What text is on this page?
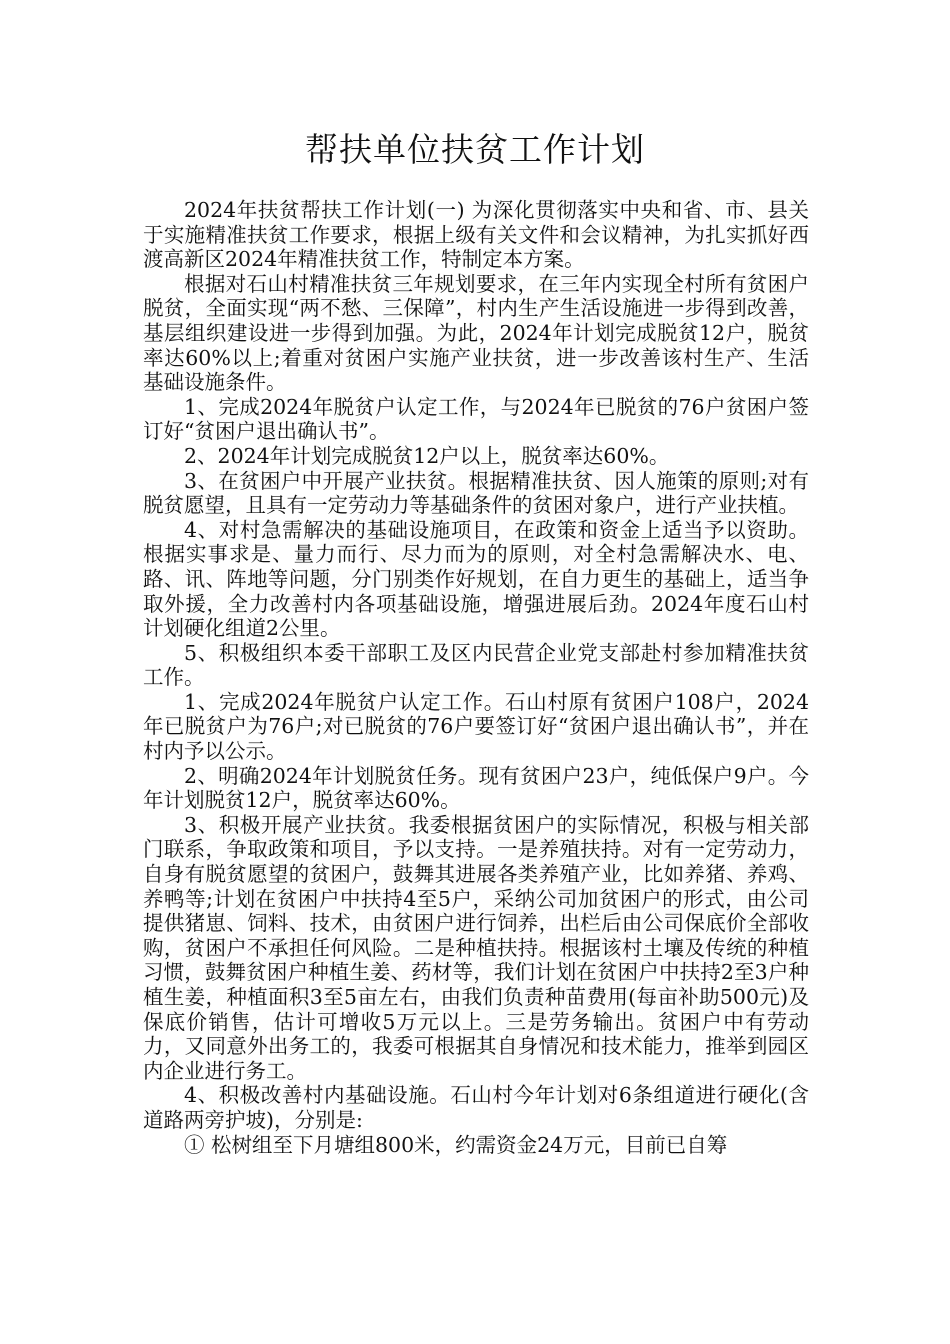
帮扶单位扶贫工作计划

2024年扶贫帮扶工作计划(一) 为深化贯彻落实中央和省、市、县关于实施精准扶贫工作要求，根据上级有关文件和会议精神，为扎实抓好西渡高新区2024年精准扶贫工作，特制定本方案。

根据对石山村精准扶贫三年规划要求，在三年内实现全村所有贫困户脱贫，全面实现“两不愁、三保障”，村内生产生活设施进一步得到改善，基层组织建设进一步得到加强。为此，2024年计划完成脱贫12户，脱贫率达60%以上;着重对贫困户实施产业扶贫，进一步改善该村生产、生活基础设施条件。

1、完成2024年脱贫户认定工作，与2024年已脱贫的76户贫困户签订好“贫困户退出确认书”。

2、2024年计划完成脱贫12户以上，脱贫率达60%。

3、在贫困户中开展产业扶贫。根据精准扶贫、因人施策的原则;对有脱贫愿望，且具有一定劳动力等基础条件的贫困对象户，进行产业扶植。

4、对村急需解决的基础设施项目，在政策和资金上适当予以资助。根据实事求是、量力而行、尽力而为的原则，对全村急需解决水、电、路、讯、阵地等问题，分门别类作好规划，在自力更生的基础上，适当争取外援，全力改善村内各项基础设施，增强进展后劲。2024年度石山村计划硬化组道2公里。

5、积极组织本委干部职工及区内民营企业党支部赴村参加精准扶贫工作。

1、完成2024年脱贫户认定工作。石山村原有贫困户108户，2024年已脱贫户为76户;对已脱贫的76户要签订好“贫困户退出确认书”，并在村内予以公示。

2、明确2024年计划脱贫任务。现有贫困户23户，纯低保户9户。今年计划脱贫12户，脱贫率达60%。

3、积极开展产业扶贫。我委根据贫困户的实际情况，积极与相关部门联系，争取政策和项目，予以支持。一是养殖扶持。对有一定劳动力，自身有脱贫愿望的贫困户，鼓舞其进展各类养殖产业，比如养猪、养鸡、养鸭等;计划在贫困户中扶持4至5户，采纳公司加贫困户的形式，由公司提供猪崽、饲料、技术，由贫困户进行饲养，出栏后由公司保底价全部收购，贫困户不承担任何风险。二是种植扶持。根据该村土壤及传统的种植习惯，鼓舞贫困户种植生姜、药材等，我们计划在贫困户中扶持2至3户种植生姜，种植面积3至5亩左右，由我们负责种苗费用(每亩补助500元)及保底价销售，估计可增收5万元以上。三是劳务输出。贫困户中有劳动力，又同意外出务工的，我委可根据其自身情况和技术能力，推举到园区内企业进行务工。

4、积极改善村内基础设施。石山村今年计划对6条组道进行硬化(含道路两旁护坡)，分别是:

① 松树组至下月塘组800米，约需资金24万元，目前已自筹
